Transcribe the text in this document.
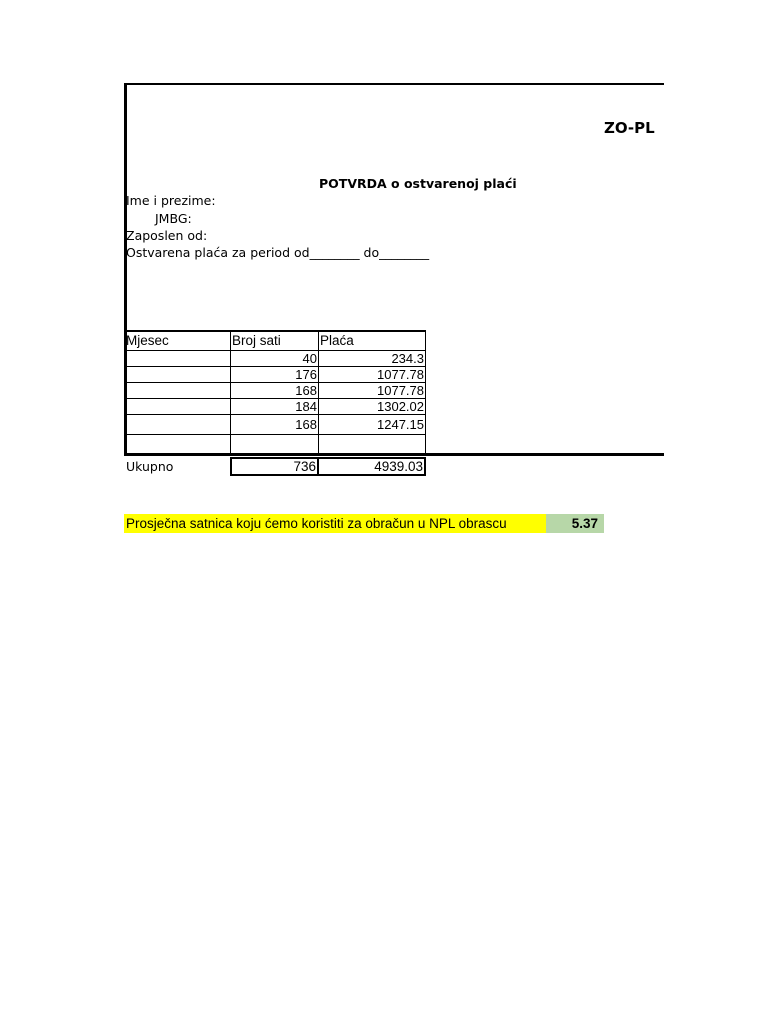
ZO-PL
POTVRDA o ostvarenoj plaći
Ime i prezime:
JMBG:
Zaposlen od:
Ostvarena plaća za period od________ do________
Mjesec	Broj sati	Plaća
	40	234.3
	176	1077.78
	168	1077.78
	184	1302.02
	168	1247.15

Ukupno	736	4939.03
Prosječna satnica koju ćemo koristiti za obračun u NPL obrascu	5.37
